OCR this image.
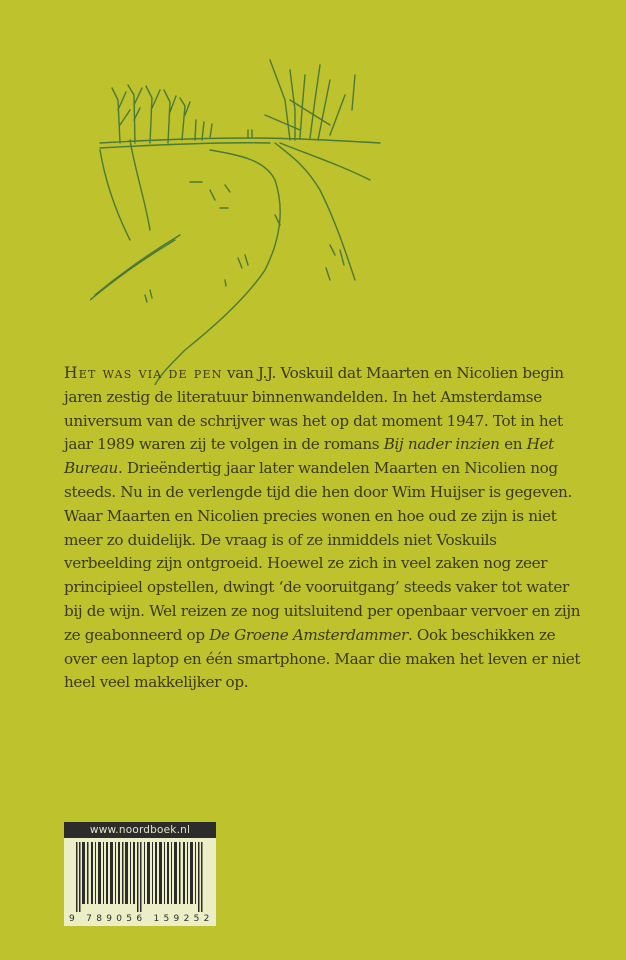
Het was via de pen van J.J. Voskuil dat Maarten en Nicolien begin jaren zestig de literatuur binnenwandelden. In het Amsterdamse universum van de schrijver was het op dat moment 1947. Tot in het jaar 1989 waren zij te volgen in de romans Bij nader inzien en Het Bureau. Drieëndertig jaar later wandelen Maarten en Nicolien nog steeds. Nu in de verlengde tijd die hen door Wim Huijser is gegeven. Waar Maarten en Nicolien precies wonen en hoe oud ze zijn is niet meer zo duidelijk. De vraag is of ze inmiddels niet Voskuils verbeelding zijn ontgroeid. Hoewel ze zich in veel zaken nog zeer principieel opstellen, dwingt ‘de vooruitgang’ steeds vaker tot water bij de wijn. Wel reizen ze nog uitsluitend per openbaar vervoer en zijn ze geabonneerd op De Groene Amsterdammer. Ook beschikken ze over een laptop en één smartphone. Maar die maken het leven er niet heel veel makkelijker op.

www.noordboek.nl
9 789056 159252
